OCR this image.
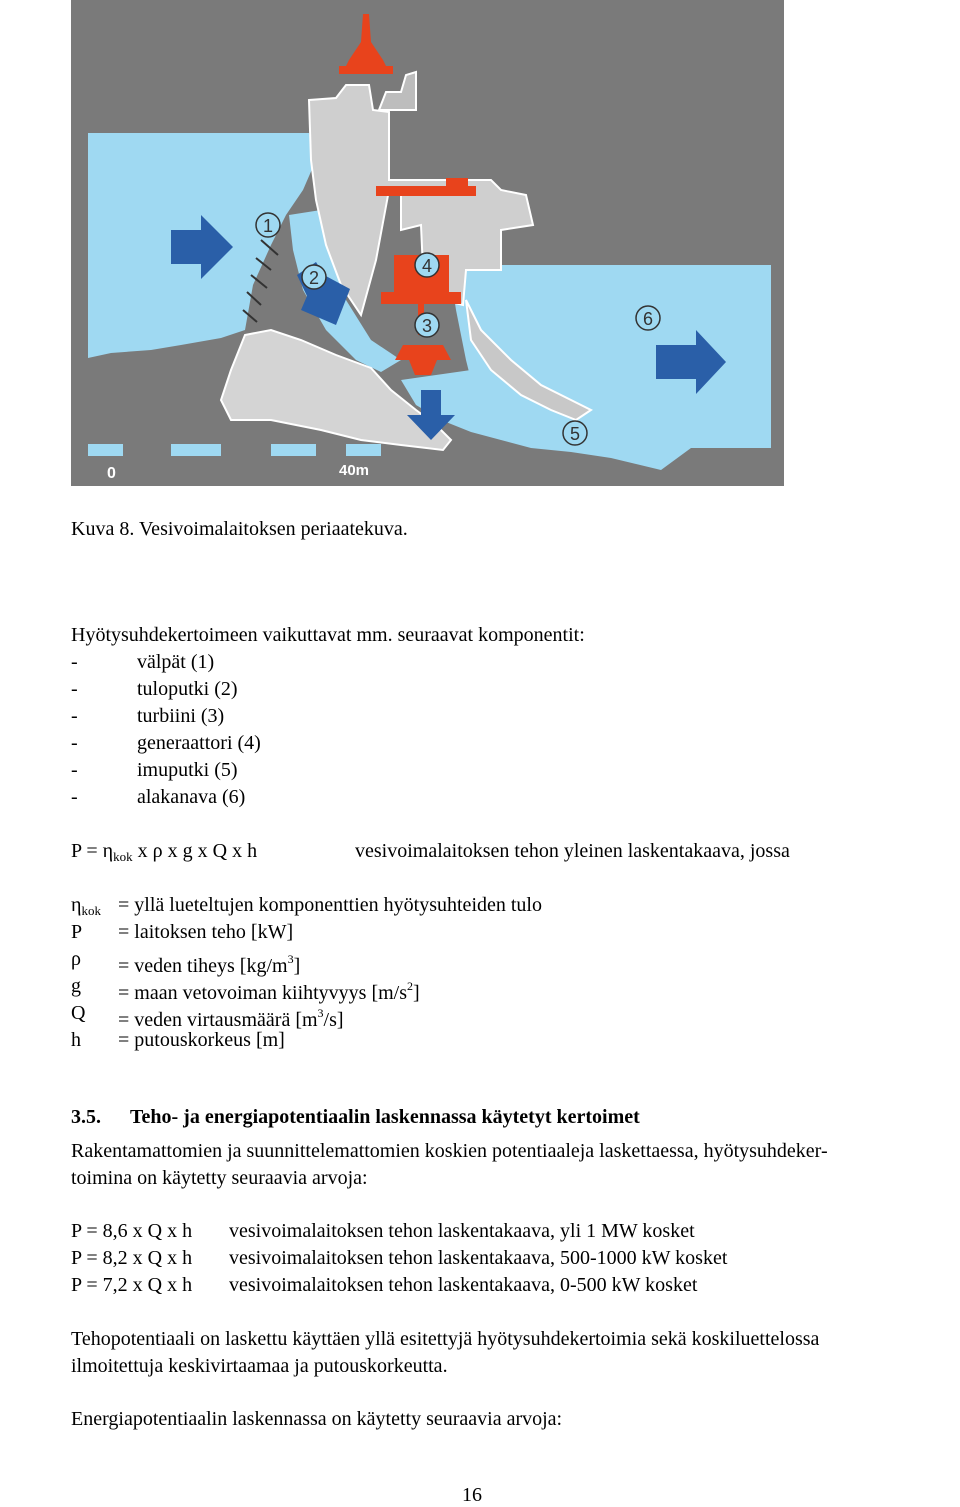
0	40m
1
2
3
4
5
6
Kuva 8. Vesivoimalaitoksen periaatekuva.
Hyötysuhdekertoimeen vaikuttavat mm. seuraavat komponentit:
-	välpät (1)
-	tuloputki (2)
-	turbiini (3)
-	generaattori (4)
-	imuputki (5)
-	alakanava (6)
$P = \eta_{kok}$ x ρ x g x Q x h	vesivoimalaitoksen tehon yleinen laskentakaava, jossa
$\eta_{kok}$ = yllä lueteltujen komponenttien hyötysuhteiden tulo
P = laitoksen teho [kW]
ρ = veden tiheys $[kg/m^3]$
g = maan vetovoiman kiihtyvyys $[m/s^2]$
Q = veden virtausmäärä $[m^3/s]$
h = putouskorkeus [m]
3.5. Teho- ja energiapotentiaalin laskennassa käytetyt kertoimet
Rakentamattomien ja suunnittelemattomien koskien potentiaaleja laskettaessa, hyötysuhdeker-
toimina on käytetty seuraavia arvoja:
P = 8,6 x Q x h vesivoimalaitoksen tehon laskentakaava, yli 1 MW kosket
P = 8,2 x Q x h vesivoimalaitoksen tehon laskentakaava, 500-1000 kW kosket
P = 7,2 x Q x h vesivoimalaitoksen tehon laskentakaava, 0-500 kW kosket
Tehopotentiaali on laskettu käyttäen yllä esitettyjä hyötysuhdekertoimia sekä koskiluettelossa
ilmoitettuja keskivirtaamaa ja putouskorkeutta.
Energiapotentiaalin laskennassa on käytetty seuraavia arvoja:
16
